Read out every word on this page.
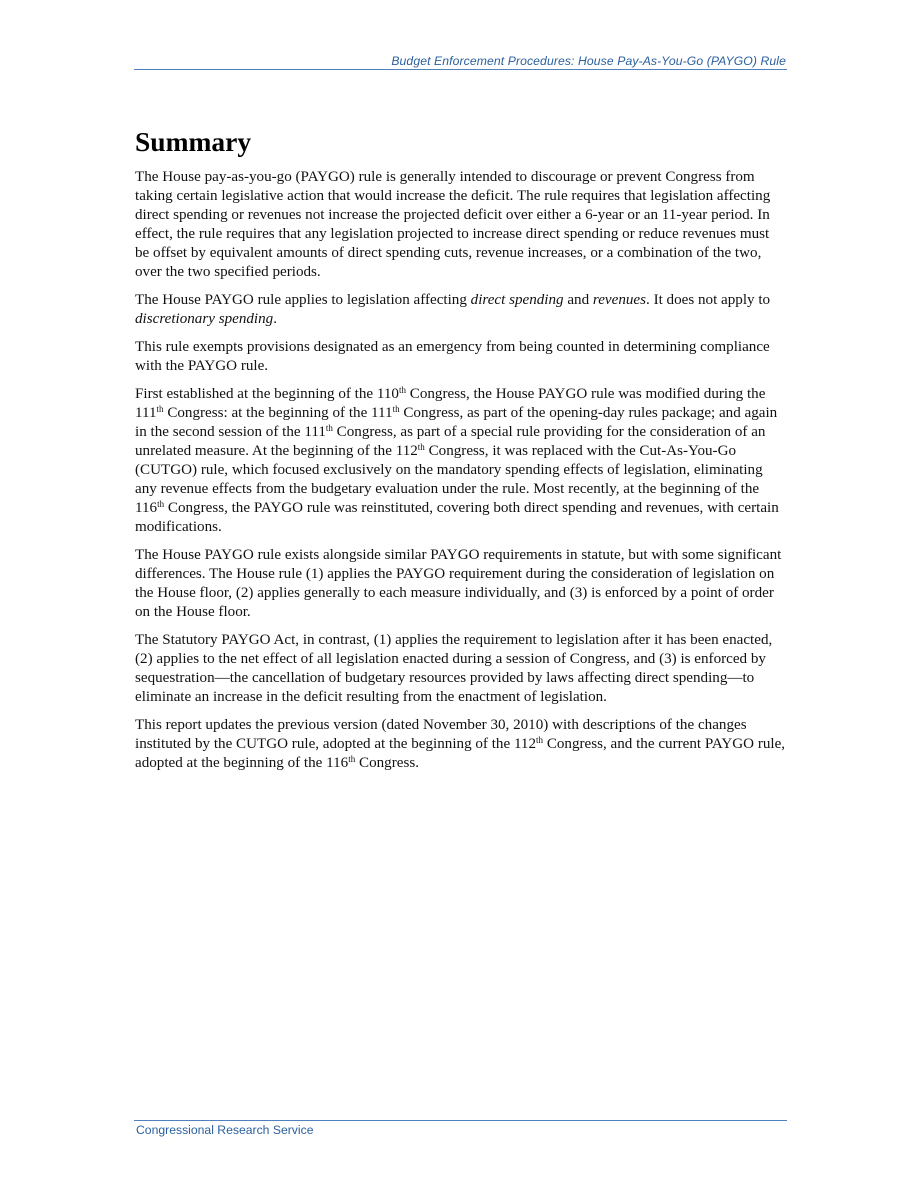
Budget Enforcement Procedures: House Pay-As-You-Go (PAYGO) Rule
Summary

The House pay-as-you-go (PAYGO) rule is generally intended to discourage or prevent Congress from taking certain legislative action that would increase the deficit. The rule requires that legislation affecting direct spending or revenues not increase the projected deficit over either a 6-year or an 11-year period. In effect, the rule requires that any legislation projected to increase direct spending or reduce revenues must be offset by equivalent amounts of direct spending cuts, revenue increases, or a combination of the two, over the two specified periods.

The House PAYGO rule applies to legislation affecting direct spending and revenues. It does not apply to discretionary spending.

This rule exempts provisions designated as an emergency from being counted in determining compliance with the PAYGO rule.

First established at the beginning of the 110th Congress, the House PAYGO rule was modified during the 111th Congress: at the beginning of the 111th Congress, as part of the opening-day rules package; and again in the second session of the 111th Congress, as part of a special rule providing for the consideration of an unrelated measure. At the beginning of the 112th Congress, it was replaced with the Cut-As-You-Go (CUTGO) rule, which focused exclusively on the mandatory spending effects of legislation, eliminating any revenue effects from the budgetary evaluation under the rule. Most recently, at the beginning of the 116th Congress, the PAYGO rule was reinstituted, covering both direct spending and revenues, with certain modifications.

The House PAYGO rule exists alongside similar PAYGO requirements in statute, but with some significant differences. The House rule (1) applies the PAYGO requirement during the consideration of legislation on the House floor, (2) applies generally to each measure individually, and (3) is enforced by a point of order on the House floor.

The Statutory PAYGO Act, in contrast, (1) applies the requirement to legislation after it has been enacted, (2) applies to the net effect of all legislation enacted during a session of Congress, and (3) is enforced by sequestration—the cancellation of budgetary resources provided by laws affecting direct spending—to eliminate an increase in the deficit resulting from the enactment of legislation.

This report updates the previous version (dated November 30, 2010) with descriptions of the changes instituted by the CUTGO rule, adopted at the beginning of the 112th Congress, and the current PAYGO rule, adopted at the beginning of the 116th Congress.

Congressional Research Service
